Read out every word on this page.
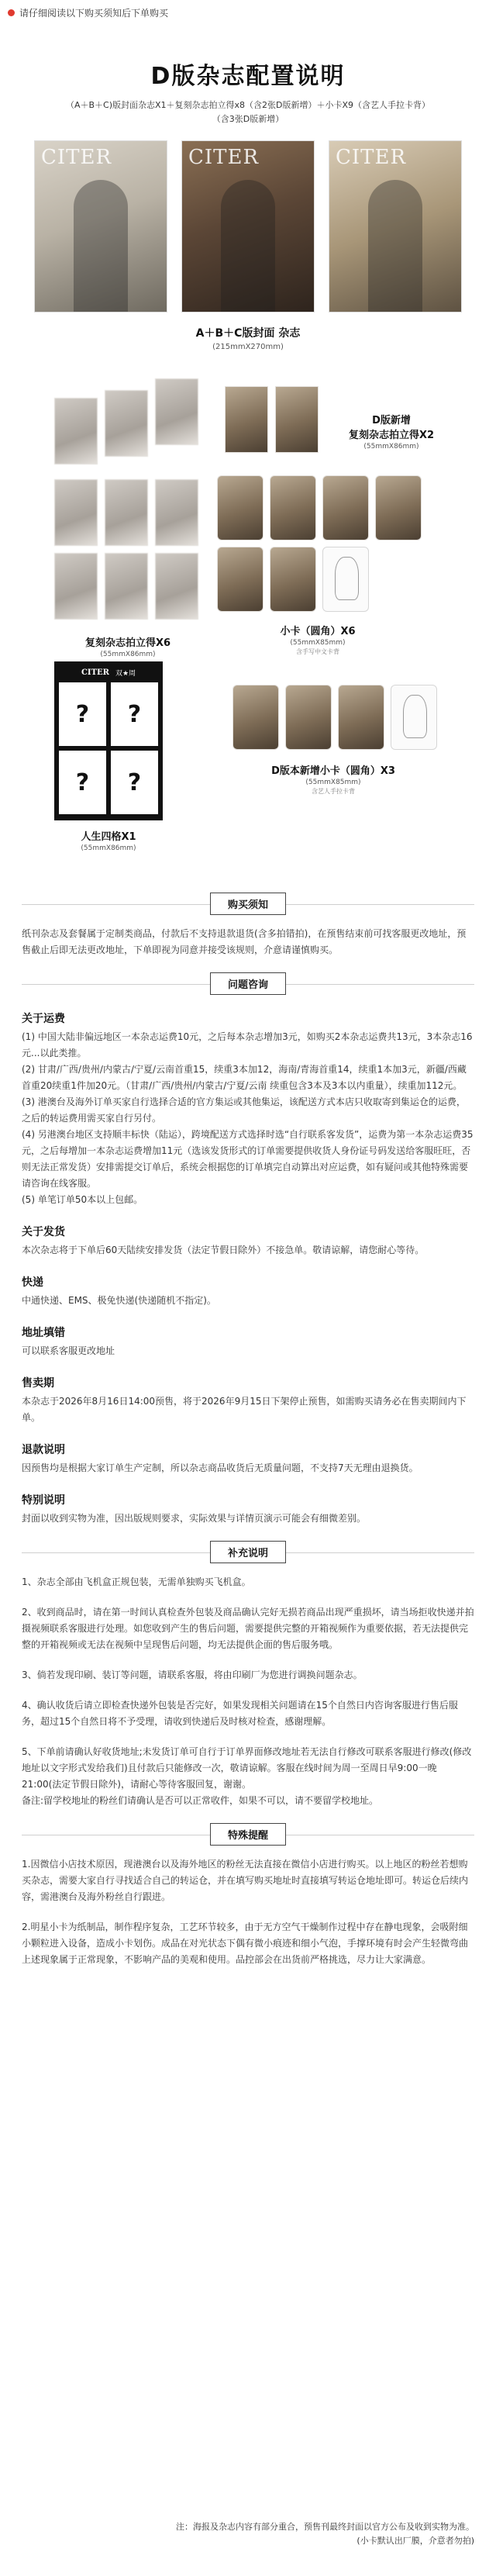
请仔细阅读以下购买须知后下单购买
D版杂志配置说明
（A＋B＋C)版封面杂志X1＋复刻杂志拍立得x8（含2张D版新增）＋小卡X9（含艺人手拉卡背）
（含3张D版新增）
CITER	CITER	CITER
A＋B＋C版封面 杂志
(215mmX270mm)
D版新增
复刻杂志拍立得X2
(55mmX86mm)
复刻杂志拍立得X6
(55mmX86mm)
小卡（圆角）X6
(55mmX85mm)
含手写中文卡背
D版本新增小卡（圆角）X3
(55mmX85mm)
含艺人手拉卡背
CITER 双★周
?	?
?	?
人生四格X1
(55mmX86mm)
购买须知
纸刊杂志及套餐属于定制类商品，付款后不支持退款退货(含多拍错拍)，在预售结束前可找客服更改地址，预售截止后即无法更改地址，下单即视为同意并接受该规则，介意请谨慎购买。
问题咨询
关于运费
(1) 中国大陆非偏远地区一本杂志运费10元，之后每本杂志增加3元，如购买2本杂志运费共13元，3本杂志16元...以此类推。
(2) 甘肃/广西/贵州/内蒙古/宁夏/云南首重15，续重3本加12，海南/青海首重14，续重1本加3元，新疆/西藏 首重20续重1件加20元。（甘肃/广西/贵州/内蒙古/宁夏/云南 续重包含3本及3本以内重量），续重加112元。
(3) 港澳台及海外订单买家自行选择合适的官方集运或其他集运，该配送方式本店只收取寄到集运仓的运费，之后的转运费用需买家自行另付。
(4) 另港澳台地区支持顺丰标快（陆运），跨境配送方式选择时选“自行联系客发货”，运费为第一本杂志运费35元，之后每增加一本杂志运费增加11元（选该发货形式的订单需要提供收货人身份证号码发送给客服旺旺，否则无法正常发货）安排需提交订单后，系统会根据您的订单填完自动算出对应运费，如有疑问或其他特殊需要请咨询在线客服。
(5) 单笔订单50本以上包邮。
关于发货
本次杂志将于下单后60天陆续安排发货（法定节假日除外）不接急单。敬请谅解，请您耐心等待。
快递
中通快递、EMS、极免快递(快递随机不指定)。
地址填错
可以联系客服更改地址
售卖期
本杂志于2026年8月16日14:00预售，将于2026年9月15日下架停止预售，如需购买请务必在售卖期间内下单。
退款说明
因预售均是根据大家订单生产定制，所以杂志商品收货后无质量问题，不支持7天无理由退换货。
特别说明
封面以收到实物为准，因出版规则要求，实际效果与详情页演示可能会有细微差别。
补充说明
1、杂志全部由飞机盒正规包装，无需单独购买飞机盒。
2、收到商品时，请在第一时间认真检查外包装及商品确认完好无损若商品出现严重损坏，请当场拒收快递并拍摄视频联系客服进行处理。如您收到产生的售后问题，需要提供完整的开箱视频作为重要依据，若无法提供完整的开箱视频或无法在视频中呈现售后问题，均无法提供企面的售后服务哦。
3、倘若发现印刷、装订等问题，请联系客服，将由印刷厂为您进行调换问题杂志。
4、确认收货后请立即检查快递外包装是否完好，如果发现相关问题请在15个自然日内咨询客服进行售后服务，超过15个自然日将不予受理，请收到快递后及时核对检查，感谢理解。
5、下单前请确认好收货地址;未发货订单可自行于订单界面修改地址若无法自行修改可联系客服进行修改(修改地址以文字形式发给我们)且付款后只能修改一次，敬请谅解。客服在线时间为周一至周日早9:00一晚21:00(法定节假日除外)，请耐心等待客服回复，谢谢。
备注:留学校地址的粉丝们请确认是否可以正常收件，如果不可以，请不要留学校地址。
特殊提醒
1.因微信小店技术原因，现港澳台以及海外地区的粉丝无法直接在微信小店进行购买。以上地区的粉丝若想购买杂志，需要大家自行寻找适合自己的转运仓，并在填写购买地址时直接填写转运仓地址即可。转运仓后续内容，需港澳台及海外粉丝自行跟进。
2.明星小卡为纸制品，制作程序复杂，工艺环节较多，由于无方空气干燥制作过程中存在静电现象，会吸附细小颗粒进入设备，造成小卡划伤。成品在对光状态下偶有微小痕迹和细小气泡，手撑环境有时会产生轻微弯曲上述现象属于正常现象，不影响产品的美观和使用。品控部会在出货前严格挑选，尽力让大家满意。
注：海报及杂志内容有部分重合，预售刊最终封面以官方公布及收到实物为准。
(小卡默认出厂膜，介意者勿拍)
